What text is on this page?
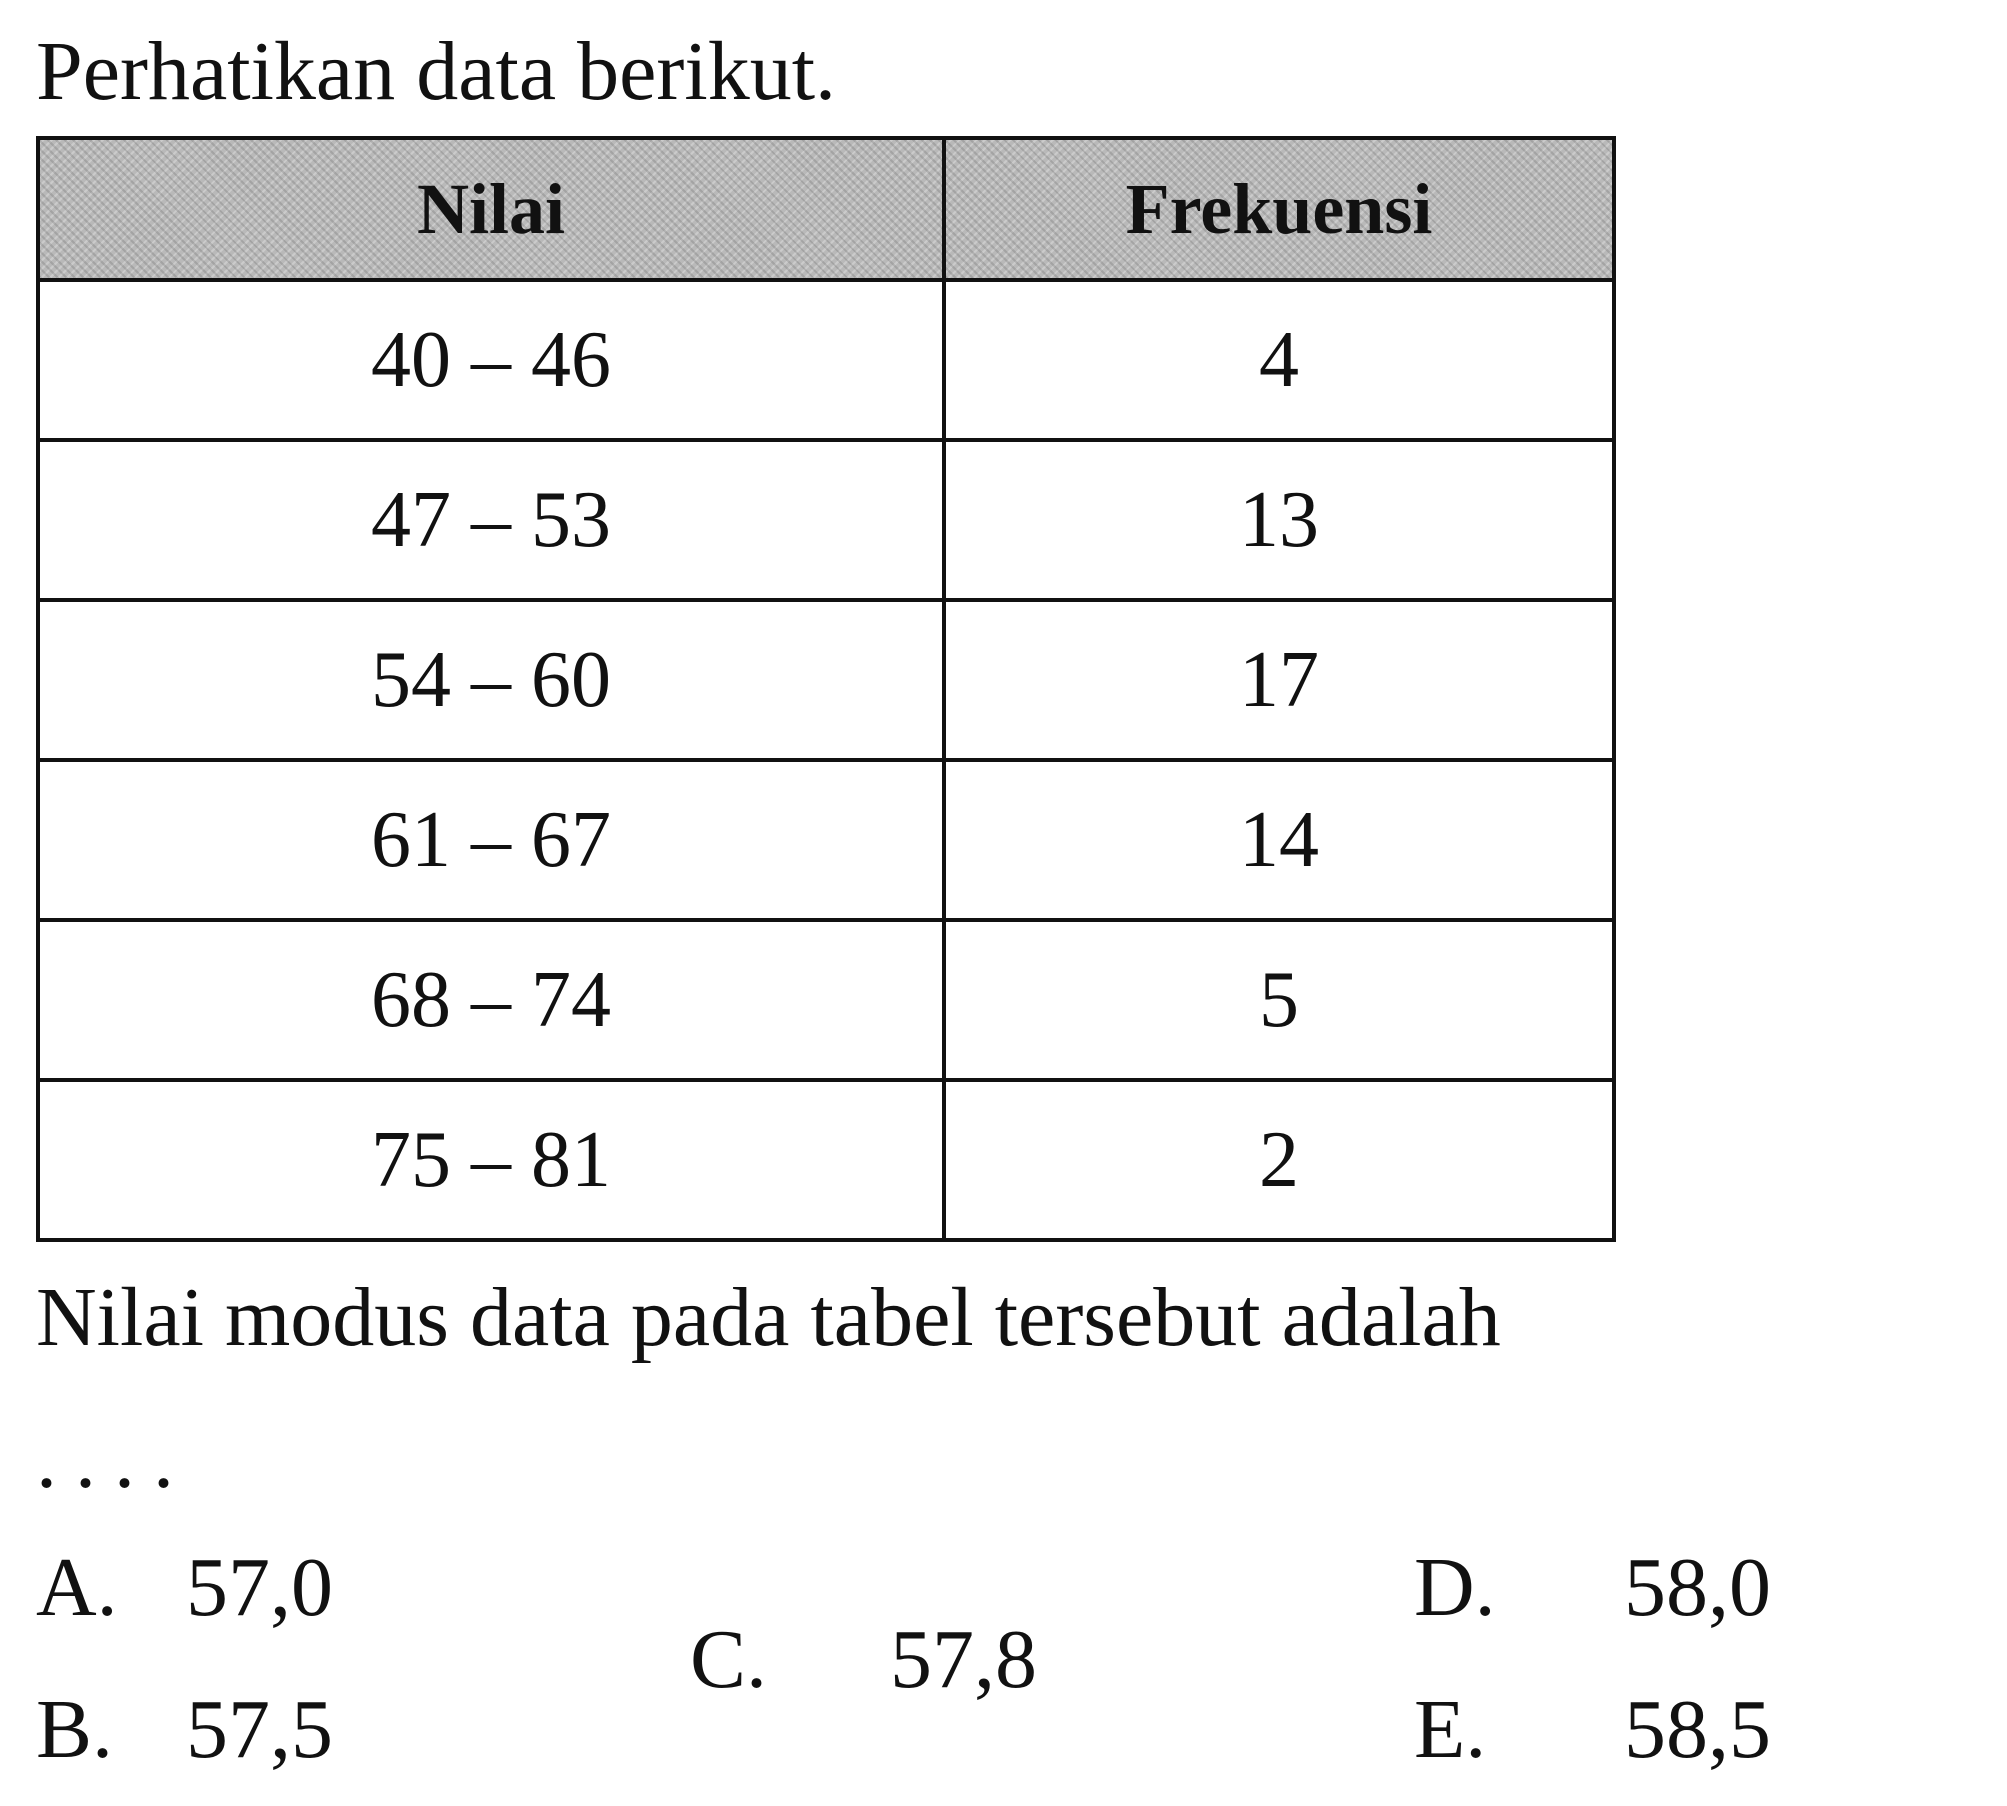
Perhatikan data berikut.
Nilai	Frekuensi
40 – 46	4
47 – 53	13
54 – 60	17
61 – 67	14
68 – 74	5
75 – 81	2
Nilai modus data pada tabel tersebut adalah
....
A. 57,0
B. 57,5
C. 57,8
D. 58,0
E. 58,5
